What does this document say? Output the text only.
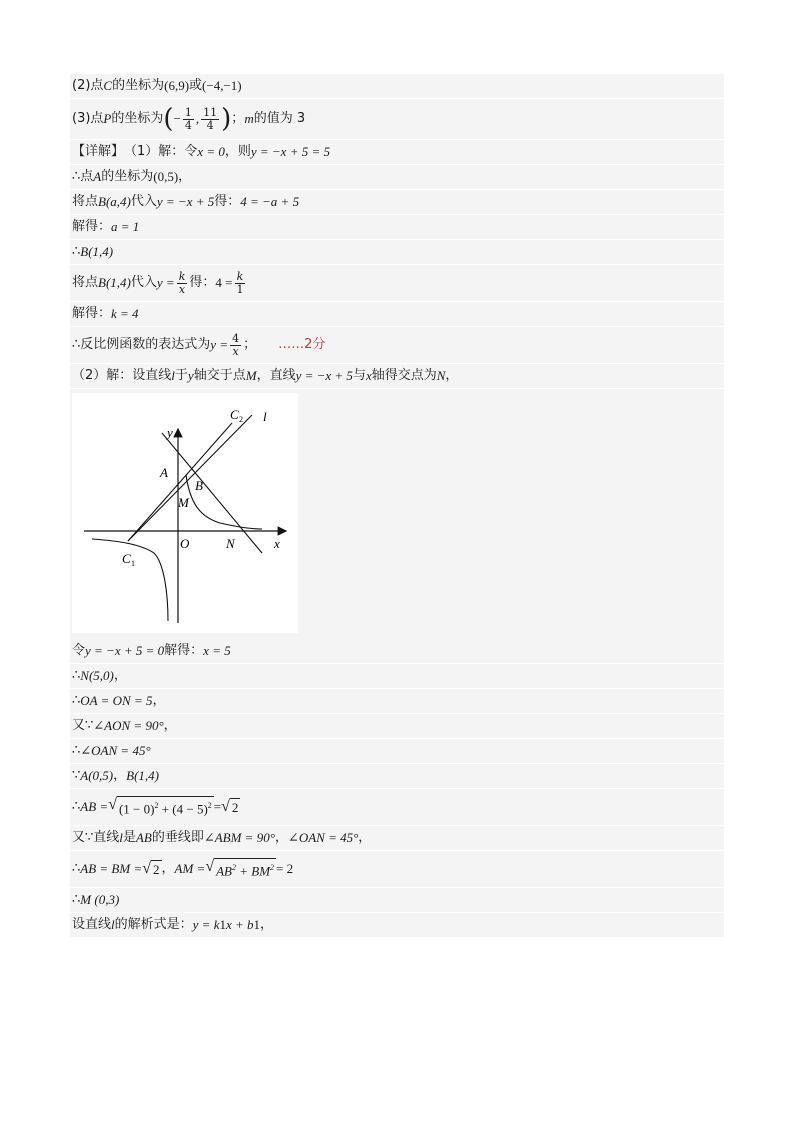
(2)点 C 的坐标为 (6,9) 或 (−4,−1)
(3)点 P 的坐标为 ( − $\frac{1}{4}$ , $\frac{11}{4}$ ) ； m 的值为 3
【详解】 （1）解：令 x = 0 ，则 y = −x + 5 = 5
∴点 A 的坐标为 (0,5) ，
将点 B(a,4) 代入 y = −x + 5 得： 4 = −a + 5
解得： a = 1
∴ B(1,4)
将点 B(1,4) 代入 $y = \frac{k}{x}$ 得： $4 = \frac{k}{1}$
解得： k = 4
∴反比例函数的表达式为 $y = \frac{4}{x}$ ； ……2分
（2）解：设直线 l 于 y 轴交于点 M ，直线 y = −x + 5 与 x 轴得交点为 N ，
y
x
A
B
M
O	N
C 1
C 2 l
令 y = −x + 5 = 0 解得： x = 5
∴ N(5,0) ，
∴ OA = ON = 5 ，
又∵ ∠AON = 90° ，
∴ ∠OAN = 45°
∵ A(0,5) ， B(1,4)
∴ AB = √ $(1 - 0)^2 + (4 - 5)^2$ = √ 2
又∵直线 l 是 AB 的垂线即 ∠ABM = 90° ， ∠OAN = 45° ，
∴ AB = BM = √ 2 ， AM = √ $AB^2 + BM^2 = 2$
∴ M (0,3)
设直线 l 的解析式是： y = k 1 x + b 1 ，
